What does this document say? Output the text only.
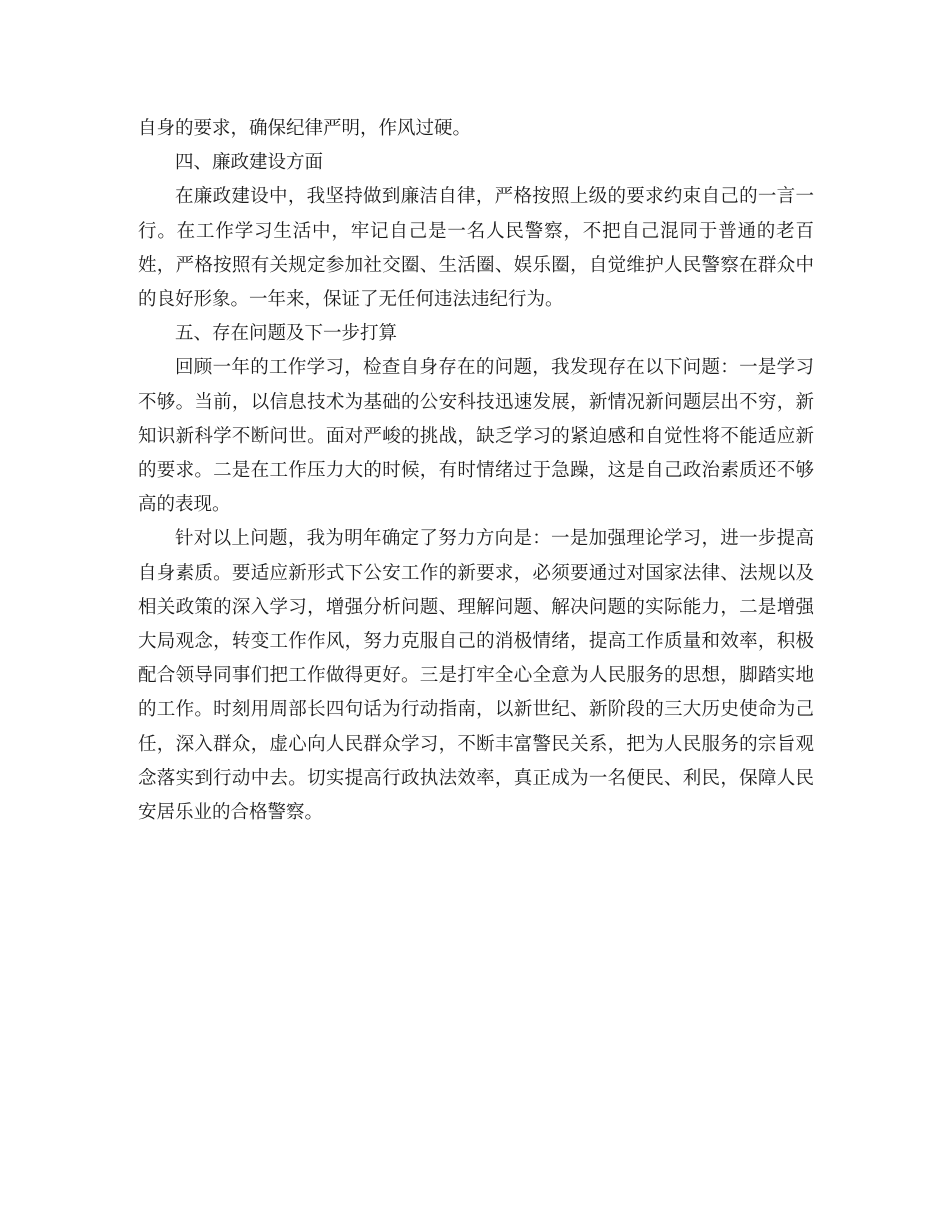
自身的要求，确保纪律严明，作风过硬。

四、廉政建设方面

在廉政建设中，我坚持做到廉洁自律，严格按照上级的要求约束自己的一言一行。在工作学习生活中，牢记自己是一名人民警察，不把自己混同于普通的老百姓，严格按照有关规定参加社交圈、生活圈、娱乐圈，自觉维护人民警察在群众中的良好形象。一年来，保证了无任何违法违纪行为。

五、存在问题及下一步打算

回顾一年的工作学习，检查自身存在的问题，我发现存在以下问题：一是学习不够。当前，以信息技术为基础的公安科技迅速发展，新情况新问题层出不穷，新知识新科学不断问世。面对严峻的挑战，缺乏学习的紧迫感和自觉性将不能适应新的要求。二是在工作压力大的时候，有时情绪过于急躁，这是自己政治素质还不够高的表现。

针对以上问题，我为明年确定了努力方向是：一是加强理论学习，进一步提高自身素质。要适应新形式下公安工作的新要求，必须要通过对国家法律、法规以及相关政策的深入学习，增强分析问题、理解问题、解决问题的实际能力，二是增强大局观念，转变工作作风，努力克服自己的消极情绪，提高工作质量和效率，积极配合领导同事们把工作做得更好。三是打牢全心全意为人民服务的思想，脚踏实地的工作。时刻用周部长四句话为行动指南，以新世纪、新阶段的三大历史使命为己任，深入群众，虚心向人民群众学习，不断丰富警民关系，把为人民服务的宗旨观念落实到行动中去。切实提高行政执法效率，真正成为一名便民、利民，保障人民安居乐业的合格警察。
